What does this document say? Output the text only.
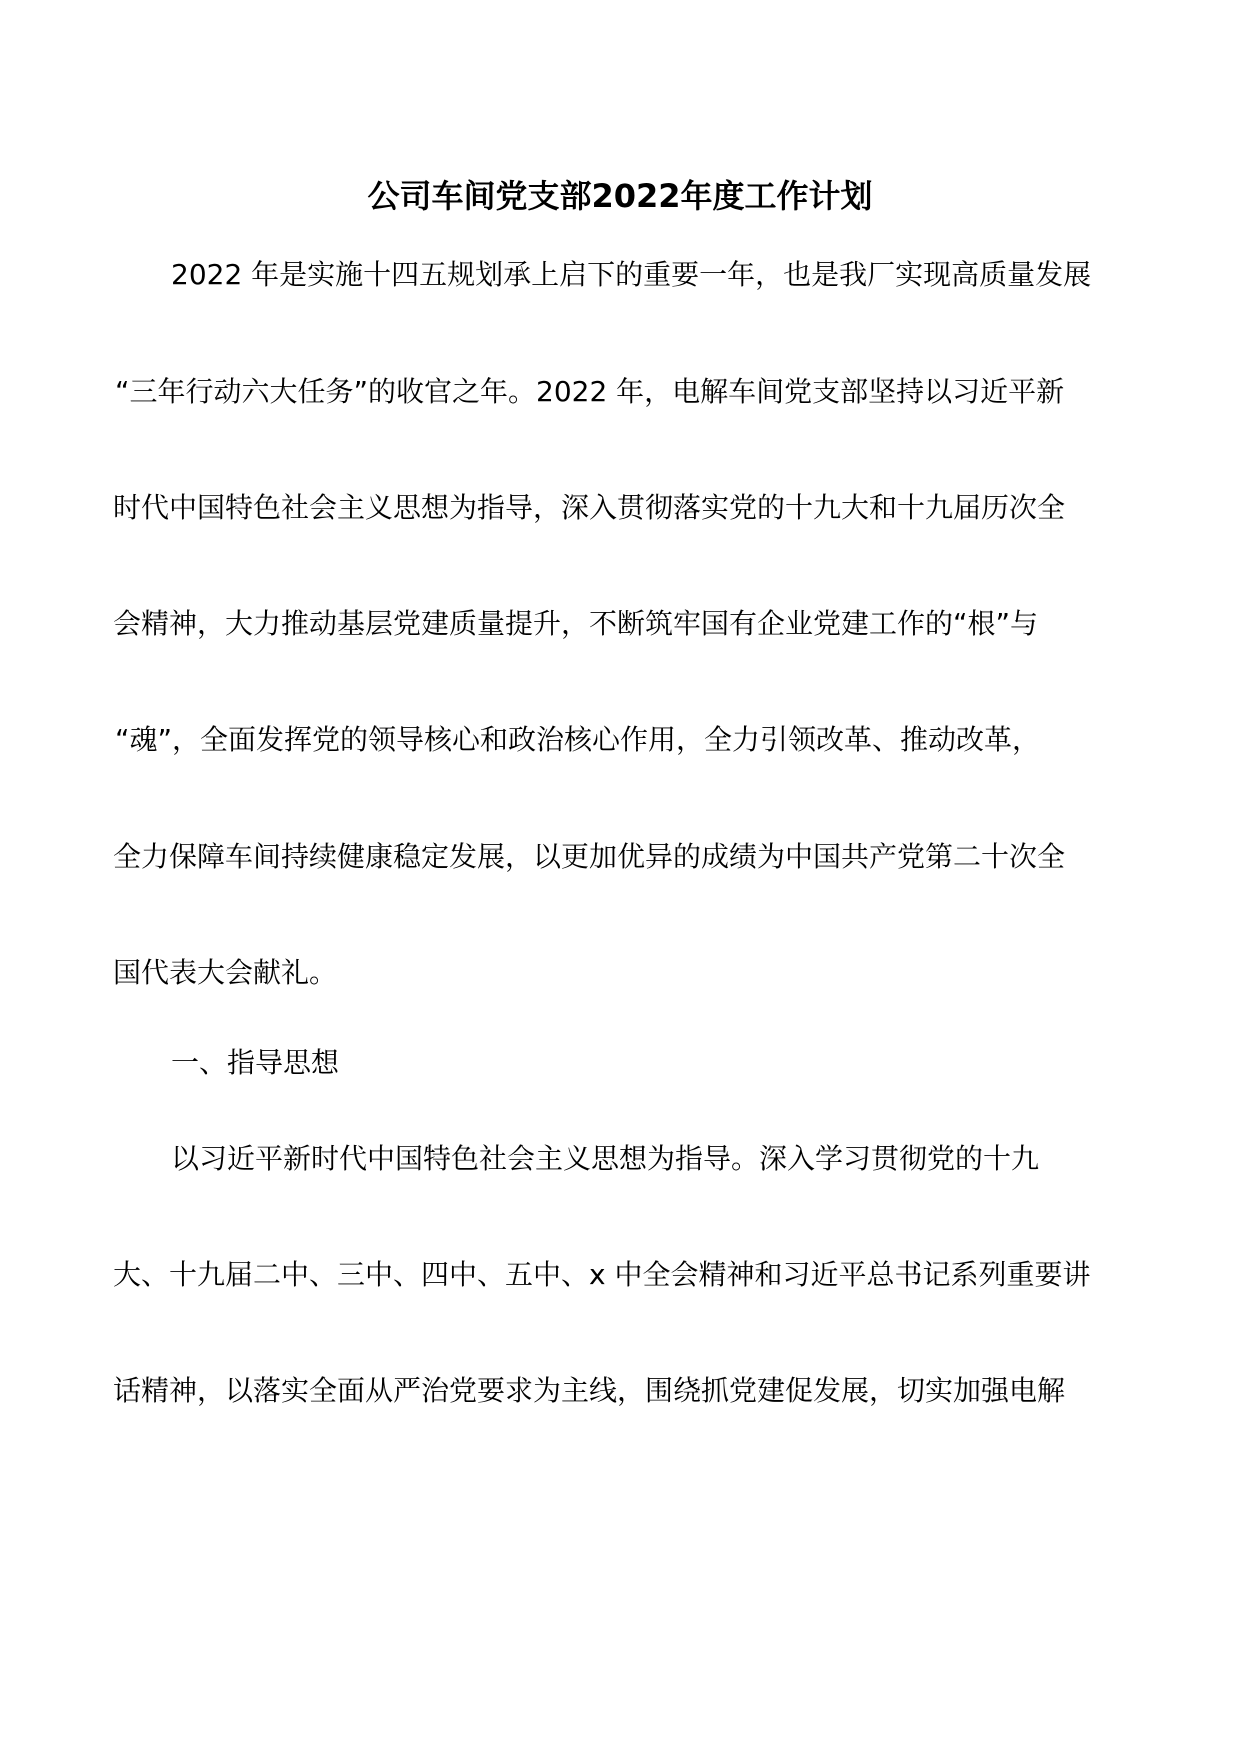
公司车间党支部2022年度工作计划
2022 年是实施十四五规划承上启下的重要一年，也是我厂实现高质量发展
“三年行动六大任务”的收官之年。2022 年，电解车间党支部坚持以习近平新
时代中国特色社会主义思想为指导，深入贯彻落实党的十九大和十九届历次全
会精神，大力推动基层党建质量提升，不断筑牢国有企业党建工作的“根”与
“魂”，全面发挥党的领导核心和政治核心作用，全力引领改革、推动改革，
全力保障车间持续健康稳定发展，以更加优异的成绩为中国共产党第二十次全
国代表大会献礼。
一、指导思想
以习近平新时代中国特色社会主义思想为指导。深入学习贯彻党的十九
大、十九届二中、三中、四中、五中、x 中全会精神和习近平总书记系列重要讲
话精神，以落实全面从严治党要求为主线，围绕抓党建促发展，切实加强电解
